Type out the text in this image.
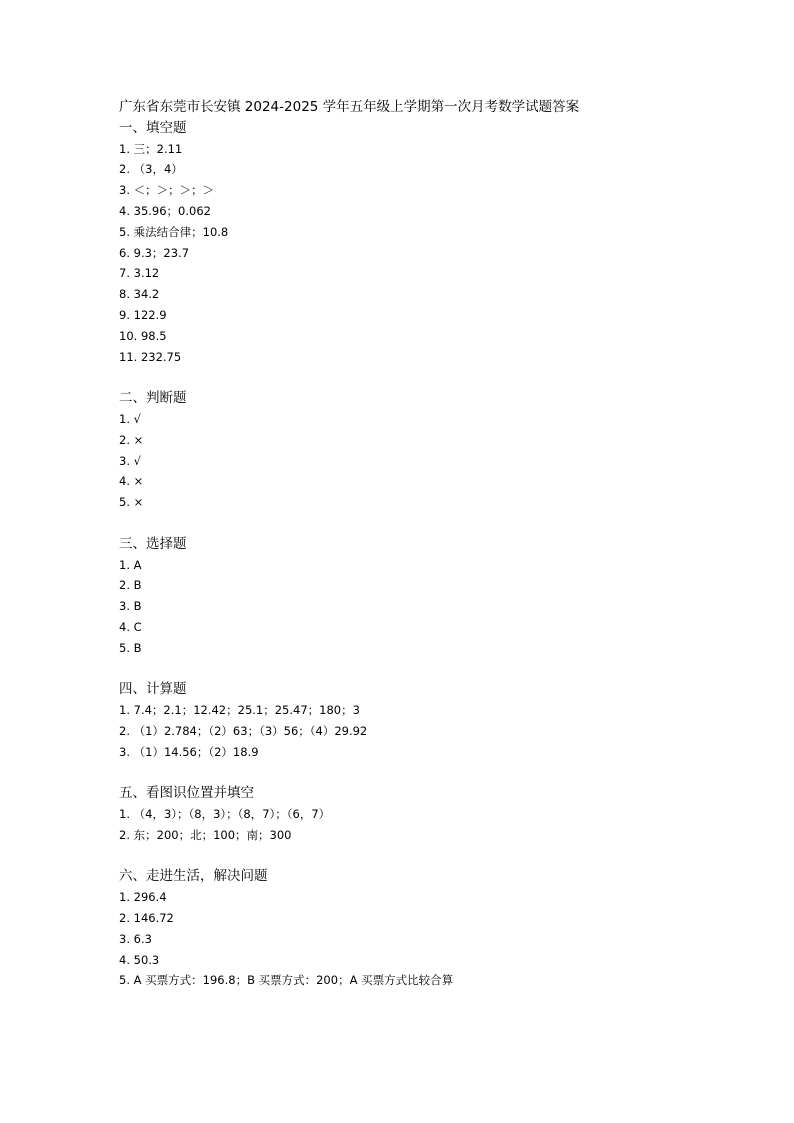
广东省东莞市长安镇 2024-2025 学年五年级上学期第一次月考数学试题答案
一、填空题
1. 三；2.11
2. （3，4）
3. ＜；＞；＞；＞
4. 35.96；0.062
5. 乘法结合律；10.8
6. 9.3；23.7
7. 3.12
8. 34.2
9. 122.9
10. 98.5
11. 232.75
二、判断题
1. √
2. ×
3. √
4. ×
5. ×
三、选择题
1. A
2. B
3. B
4. C
5. B
四、计算题
1. 7.4；2.1；12.42；25.1；25.47；180；3
2. （1）2.784；（2）63；（3）56；（4）29.92
3. （1）14.56；（2）18.9
五、看图识位置并填空
1. （4，3）；（8，3）；（8，7）；（6，7）
2. 东；200；北；100；南；300
六、走进生活，解决问题
1. 296.4
2. 146.72
3. 6.3
4. 50.3
5. A 买票方式：196.8；B 买票方式：200；A 买票方式比较合算
